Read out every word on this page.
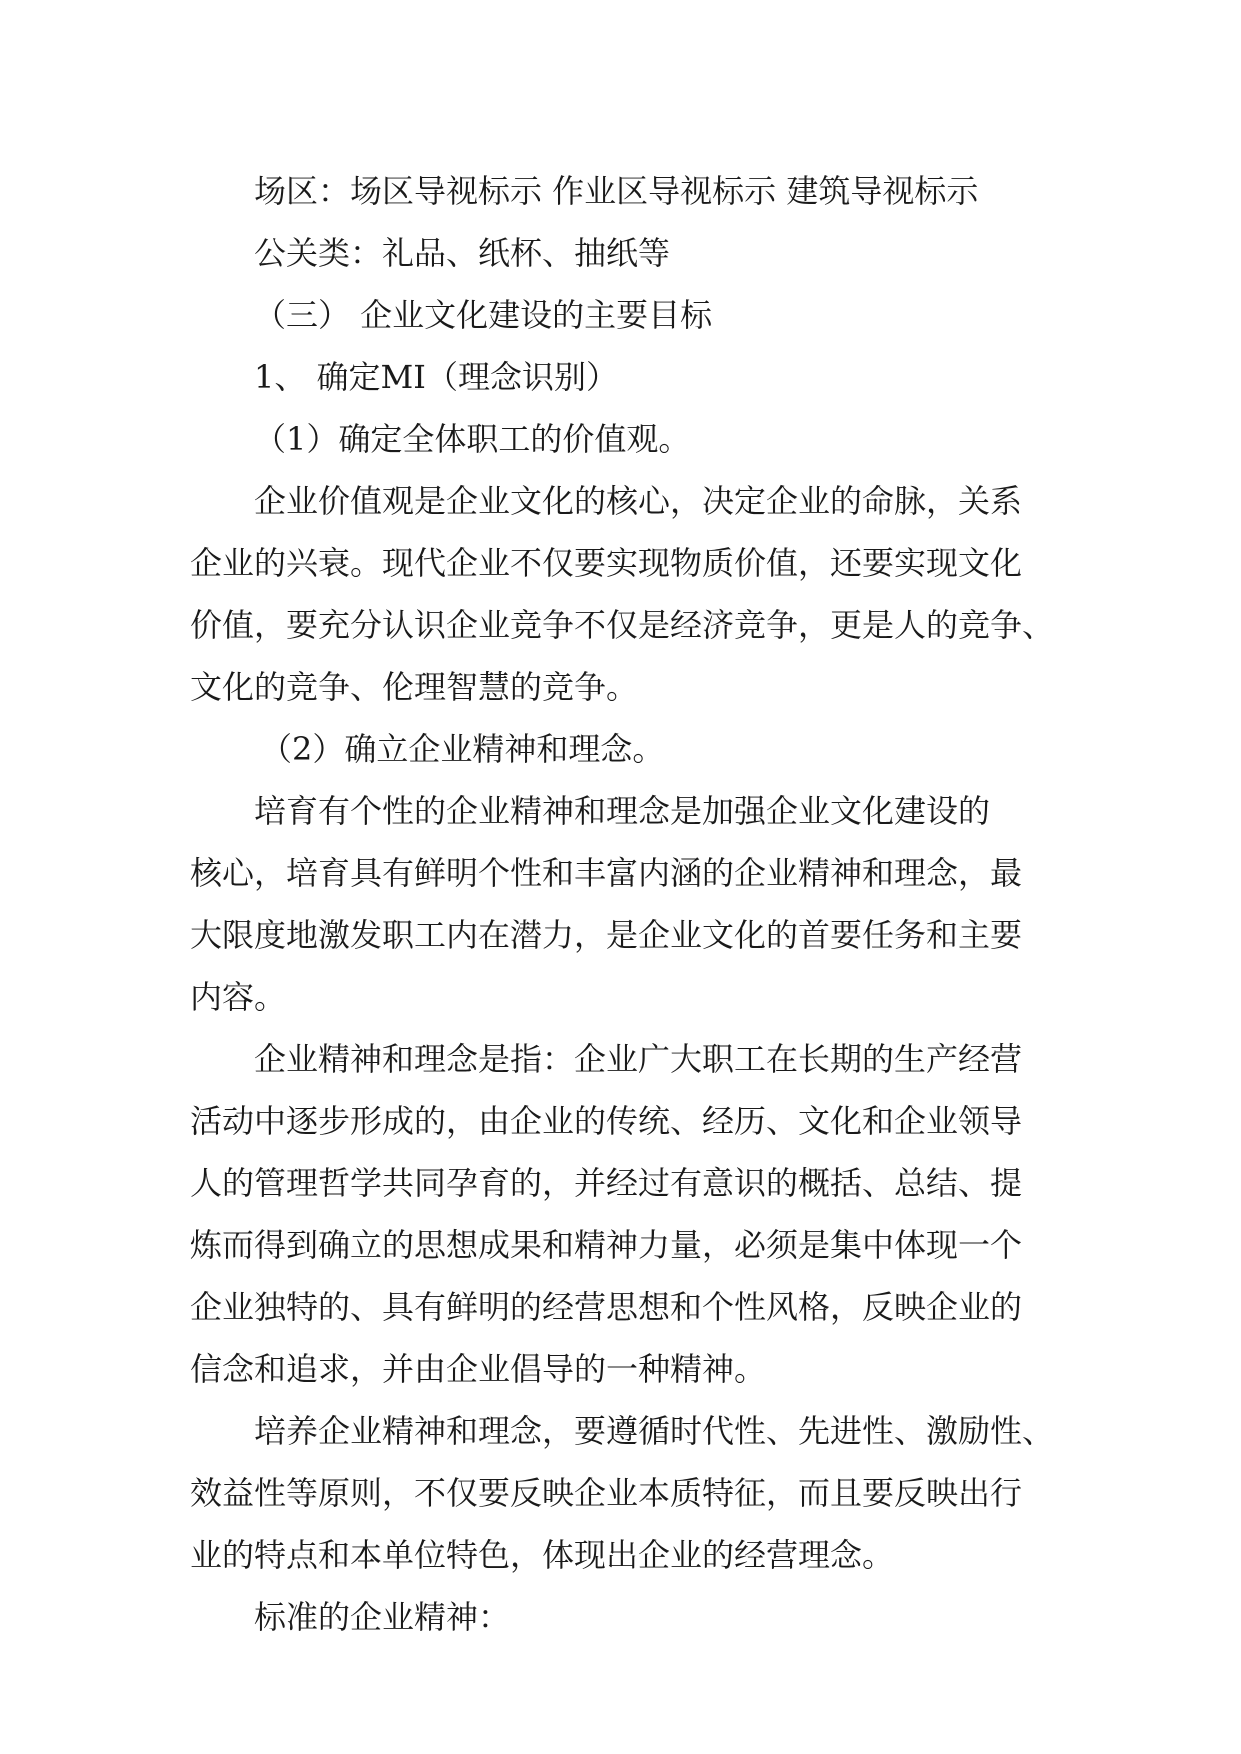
场区：场区导视标示 作业区导视标示 建筑导视标示
公关类：礼品、纸杯、抽纸等
（三） 企业文化建设的主要目标
1、 确定MI（理念识别）
（1）确定全体职工的价值观。
企业价值观是企业文化的核心，决定企业的命脉，关系
企业的兴衰。现代企业不仅要实现物质价值，还要实现文化
价值，要充分认识企业竞争不仅是经济竞争，更是人的竞争、
文化的竞争、伦理智慧的竞争。
（2）确立企业精神和理念。
培育有个性的企业精神和理念是加强企业文化建设的
核心，培育具有鲜明个性和丰富内涵的企业精神和理念，最
大限度地激发职工内在潜力，是企业文化的首要任务和主要
内容。
企业精神和理念是指：企业广大职工在长期的生产经营
活动中逐步形成的，由企业的传统、经历、文化和企业领导
人的管理哲学共同孕育的，并经过有意识的概括、总结、提
炼而得到确立的思想成果和精神力量，必须是集中体现一个
企业独特的、具有鲜明的经营思想和个性风格，反映企业的
信念和追求，并由企业倡导的一种精神。
培养企业精神和理念，要遵循时代性、先进性、激励性、
效益性等原则，不仅要反映企业本质特征，而且要反映出行
业的特点和本单位特色，体现出企业的经营理念。
标准的企业精神：
